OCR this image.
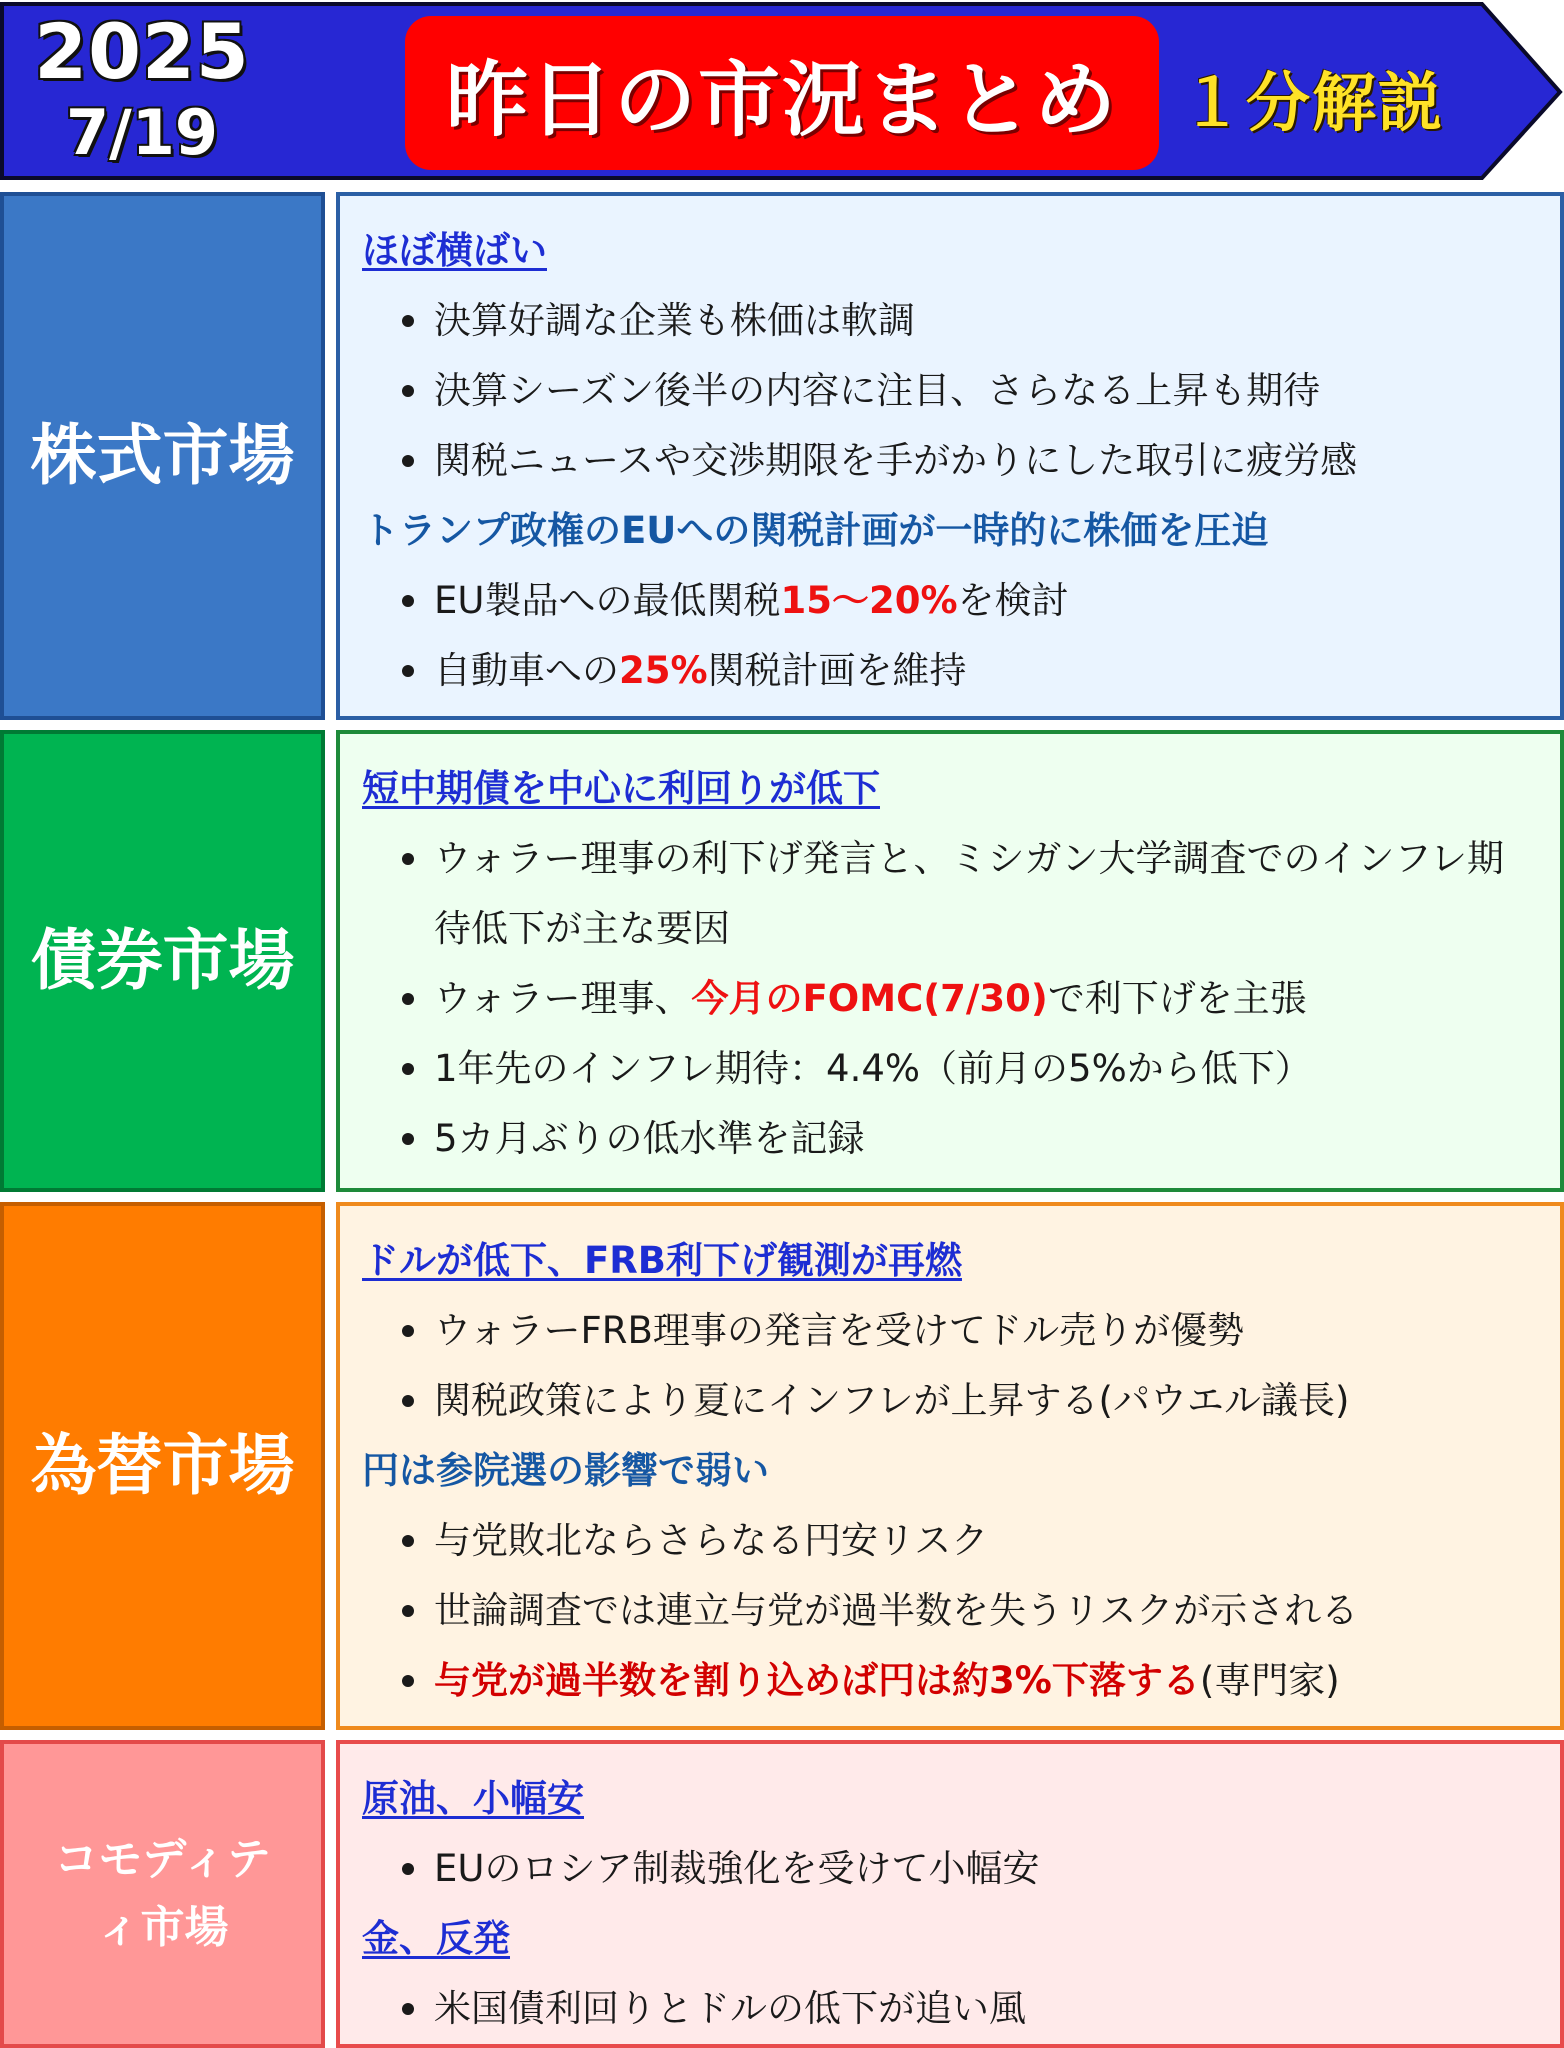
2025
7/19	昨日の市況まとめ １分解説
株式市場
ほぼ横ばい
決算好調な企業も株価は軟調
決算シーズン後半の内容に注目、さらなる上昇も期待
関税ニュースや交渉期限を手がかりにした取引に疲労感
トランプ政権のEUへの関税計画が一時的に株価を圧迫
EU製品への最低関税15〜20%を検討
自動車への25%関税計画を維持
債券市場
短中期債を中心に利回りが低下
ウォラー理事の利下げ発言と、ミシガン大学調査でのインフレ期待低下が主な要因
ウォラー理事、今月のFOMC(7/30)で利下げを主張
1年先のインフレ期待：4.4%（前月の5%から低下）
5カ月ぶりの低水準を記録
為替市場
ドルが低下、FRB利下げ観測が再燃
ウォラーFRB理事の発言を受けてドル売りが優勢
関税政策により夏にインフレが上昇する(パウエル議長)
円は参院選の影響で弱い
与党敗北ならさらなる円安リスク
世論調査では連立与党が過半数を失うリスクが示される
与党が過半数を割り込めば円は約3%下落する(専門家)
コモディテ
ィ市場
原油、小幅安
EUのロシア制裁強化を受けて小幅安
金、反発
米国債利回りとドルの低下が追い風
